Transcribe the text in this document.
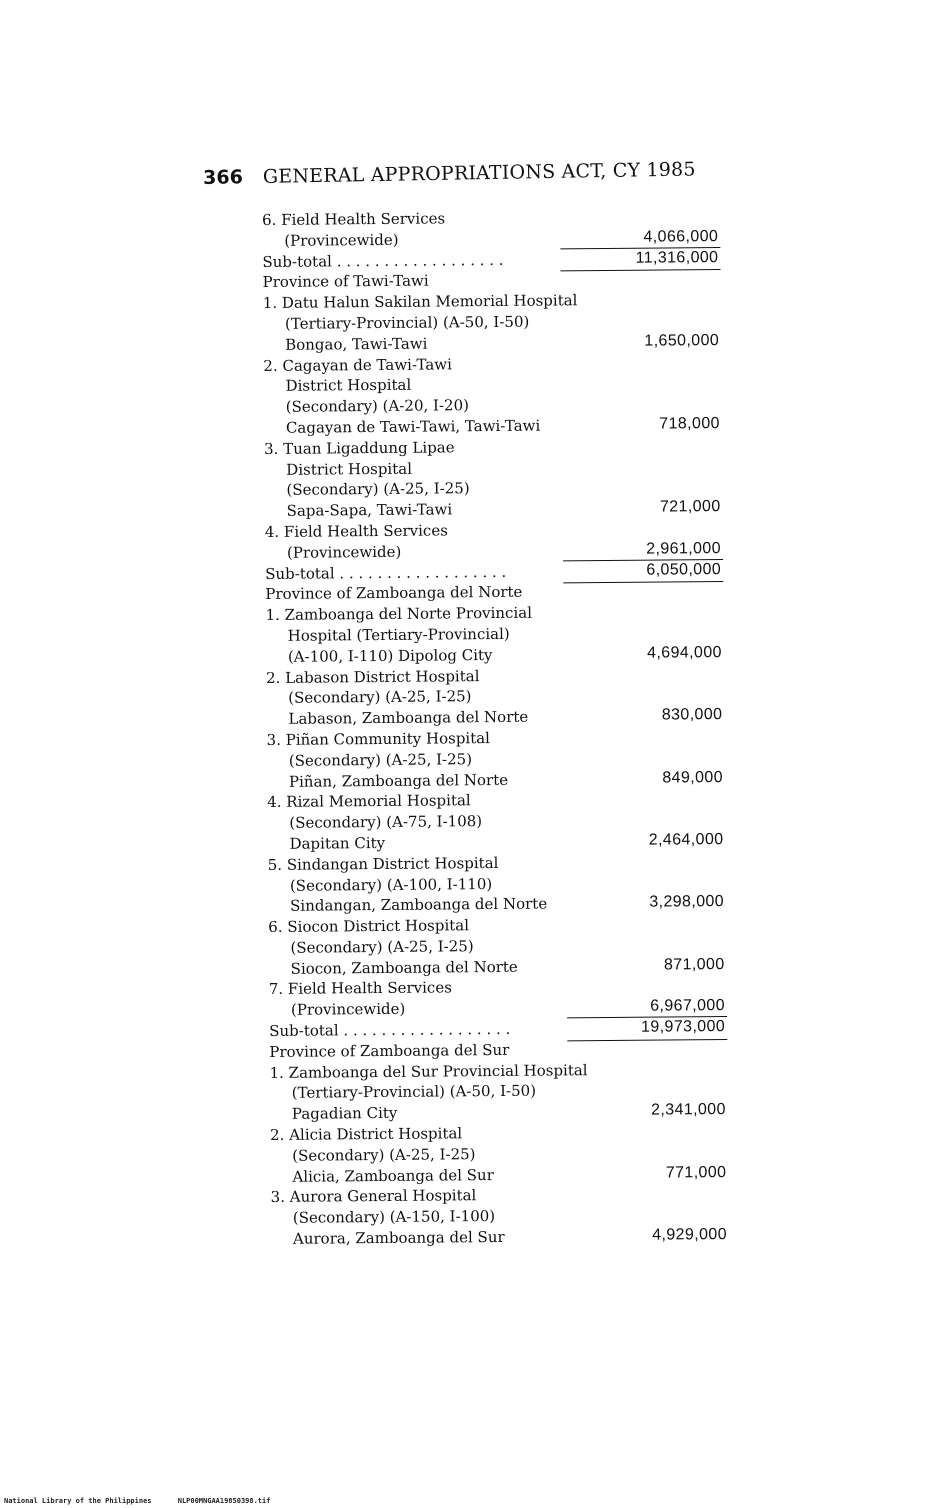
366 GENERAL APPROPRIATIONS ACT, CY 1985
6. Field Health Services
(Provincewide)	4,066,000
Sub-total . . . . . . . . . . . . . . . . . .	11,316,000
Province of Tawi-Tawi
1. Datu Halun Sakilan Memorial Hospital
(Tertiary-Provincial) (A-50, I-50)
Bongao, Tawi-Tawi	1,650,000
2. Cagayan de Tawi-Tawi
District Hospital
(Secondary) (A-20, I-20)
Cagayan de Tawi-Tawi, Tawi-Tawi	718,000
3. Tuan Ligaddung Lipae
District Hospital
(Secondary) (A-25, I-25)
Sapa-Sapa, Tawi-Tawi	721,000
4. Field Health Services
(Provincewide)	2,961,000
Sub-total . . . . . . . . . . . . . . . . . .	6,050,000
Province of Zamboanga del Norte
1. Zamboanga del Norte Provincial
Hospital (Tertiary-Provincial)
(A-100, I-110) Dipolog City	4,694,000
2. Labason District Hospital
(Secondary) (A-25, I-25)
Labason, Zamboanga del Norte	830,000
3. Piñan Community Hospital
(Secondary) (A-25, I-25)
Piñan, Zamboanga del Norte	849,000
4. Rizal Memorial Hospital
(Secondary) (A-75, I-108)
Dapitan City	2,464,000
5. Sindangan District Hospital
(Secondary) (A-100, I-110)
Sindangan, Zamboanga del Norte	3,298,000
6. Siocon District Hospital
(Secondary) (A-25, I-25)
Siocon, Zamboanga del Norte	871,000
7. Field Health Services
(Provincewide)	6,967,000
Sub-total . . . . . . . . . . . . . . . . . .	19,973,000
Province of Zamboanga del Sur
1. Zamboanga del Sur Provincial Hospital
(Tertiary-Provincial) (A-50, I-50)
Pagadian City	2,341,000
2. Alicia District Hospital
(Secondary) (A-25, I-25)
Alicia, Zamboanga del Sur	771,000
3. Aurora General Hospital
(Secondary) (A-150, I-100)
Aurora, Zamboanga del Sur	4,929,000
National Library of the Philippines	NLP00MNGAA19850398.tif
